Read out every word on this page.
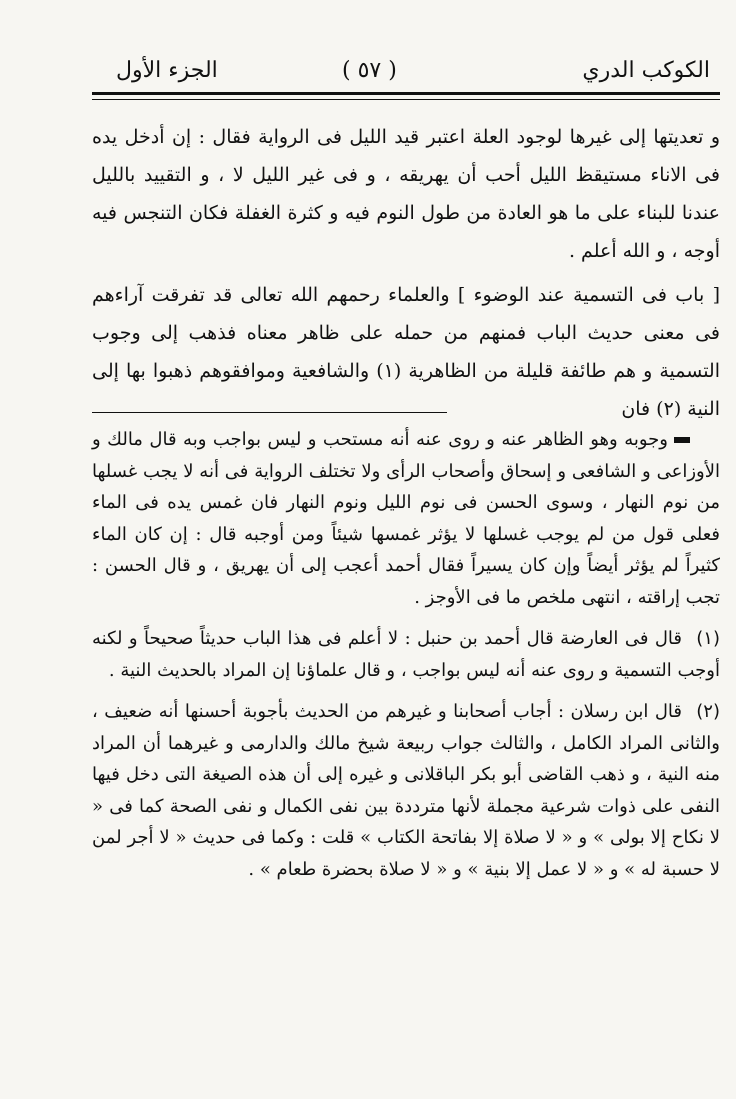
الجزء الأول	( ٥٧ )	الكوكب الدري

و تعديتها إلى غيرها لوجود العلة اعتبر قيد الليل فى الرواية فقال : إن أدخل يده فى الاناء مستيقظ الليل أحب أن يهريقه ، و فى غير الليل لا ، و التقييد بالليل عندنا للبناء على ما هو العادة من طول النوم فيه و كثرة الغفلة فكان التنجس فيه أوجه ، و الله أعلم .

[ باب فى التسمية عند الوضوء ] والعلماء رحمهم الله تعالى قد تفرقت آراءهم فى معنى حديث الباب فمنهم من حمله على ظاهر معناه فذهب إلى وجوب التسمية و هم طائفة قليلة من الظاهرية (١) والشافعية وموافقوهم ذهبوا بها إلى النية (٢) فان

وجوبه وهو الظاهر عنه و روى عنه أنه مستحب و ليس بواجب وبه قال مالك و الأوزاعى و الشافعى و إسحاق وأصحاب الرأى ولا تختلف الرواية فى أنه لا يجب غسلها من نوم النهار ، وسوى الحسن فى نوم الليل ونوم النهار فان غمس يده فى الماء فعلى قول من لم يوجب غسلها لا يؤثر غمسها شيئاً ومن أوجبه قال : إن كان الماء كثيراً لم يؤثر أيضاً وإن كان يسيراً فقال أحمد أعجب إلى أن يهريق ، و قال الحسن : تجب إراقته ، انتهى ملخص ما فى الأوجز .

(١)قال فى العارضة قال أحمد بن حنبل : لا أعلم فى هذا الباب حديثاً صحيحاً و لكنه أوجب التسمية و روى عنه أنه ليس بواجب ، و قال علماؤنا إن المراد بالحديث النية .
(٢)قال ابن رسلان : أجاب أصحابنا و غيرهم من الحديث بأجوبة أحسنها أنه ضعيف ، والثانى المراد الكامل ، والثالث جواب ربيعة شيخ مالك والدارمى و غيرهما أن المراد منه النية ، و ذهب القاضى أبو بكر الباقلانى و غيره إلى أن هذه الصيغة التى دخل فيها النفى على ذوات شرعية مجملة لأنها مترددة بين نفى الكمال و نفى الصحة كما فى « لا نكاح إلا بولى » و « لا صلاة إلا بفاتحة الكتاب » قلت : وكما فى حديث « لا أجر لمن لا حسبة له » و « لا عمل إلا بنية » و « لا صلاة بحضرة طعام » .
